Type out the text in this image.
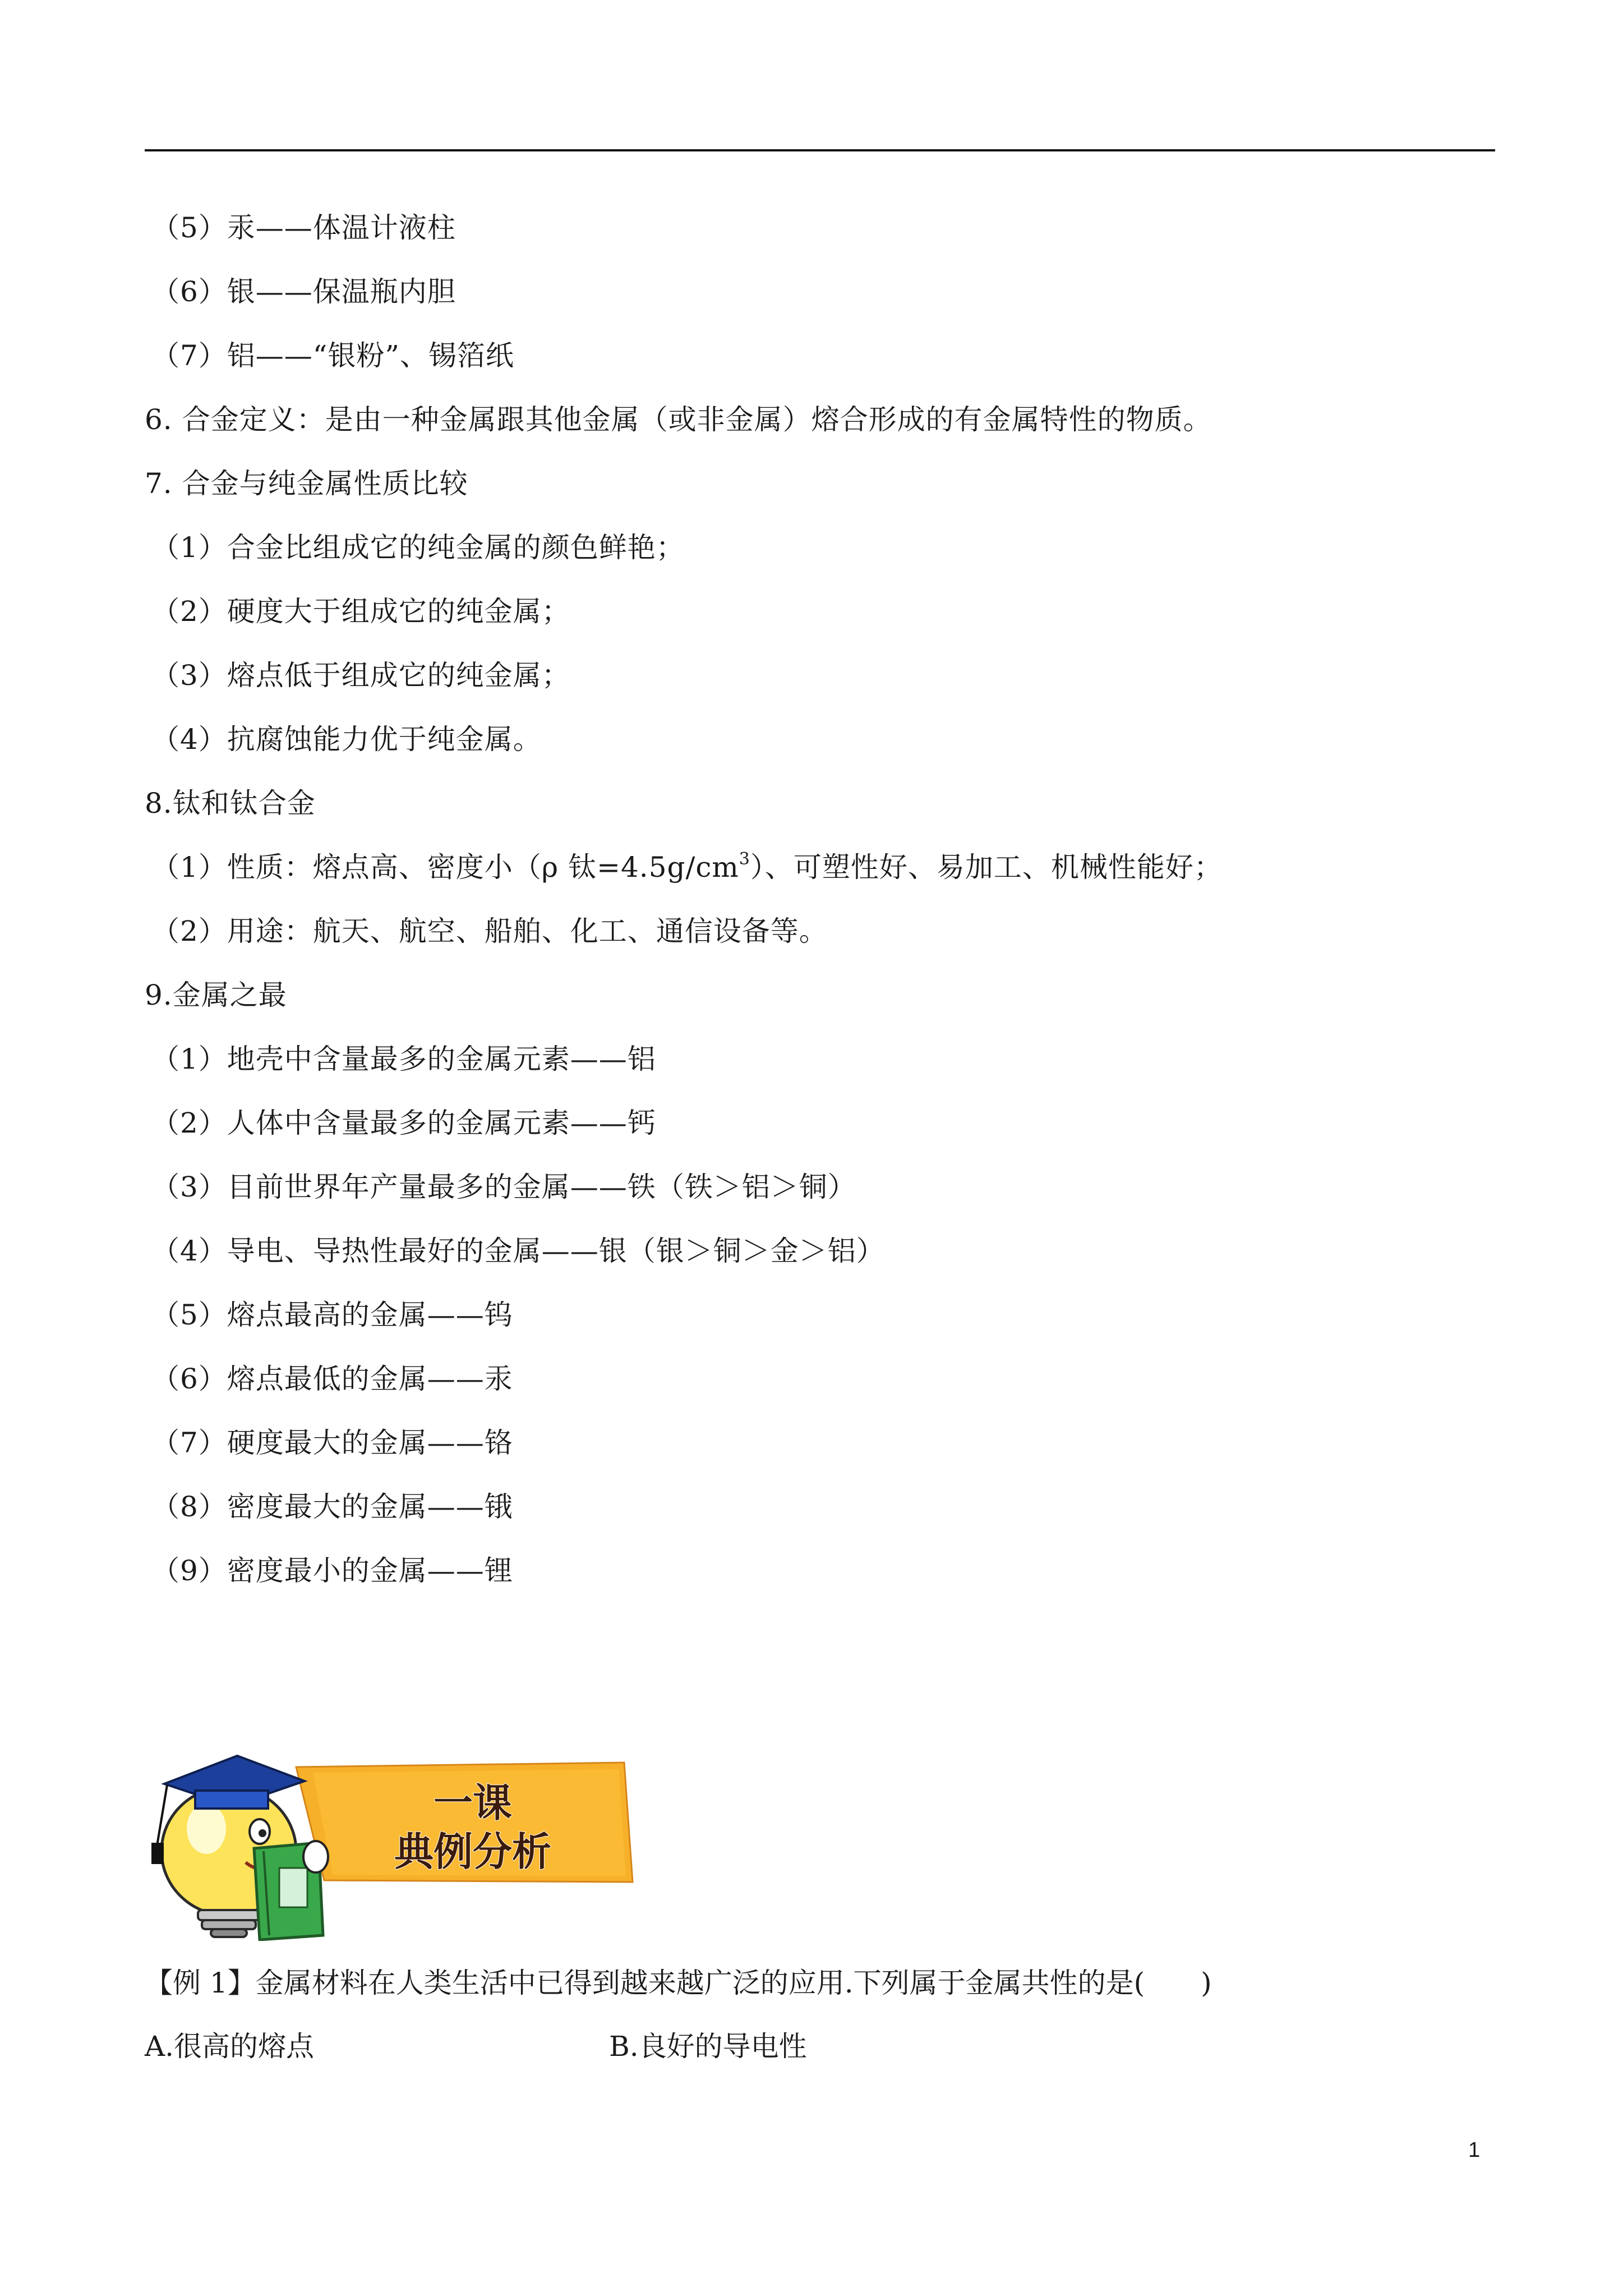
（5）汞——体温计液柱
（6）银——保温瓶内胆
（7）铝——“银粉”、锡箔纸
6. 合金定义：是由一种金属跟其他金属（或非金属）熔合形成的有金属特性的物质。
7. 合金与纯金属性质比较
（1）合金比组成它的纯金属的颜色鲜艳；
（2）硬度大于组成它的纯金属；
（3）熔点低于组成它的纯金属；
（4）抗腐蚀能力优于纯金属。
8.钛和钛合金
（1）性质：熔点高、密度小（ρ 钛$=4.5g/cm^3$）、可塑性好、易加工、机械性能好；
（2）用途：航天、航空、船舶、化工、通信设备等。
9.金属之最
（1）地壳中含量最多的金属元素——铝
（2）人体中含量最多的金属元素——钙
（3）目前世界年产量最多的金属——铁（铁＞铝＞铜）
（4）导电、导热性最好的金属——银（银＞铜＞金＞铝）
（5）熔点最高的金属——钨
（6）熔点最低的金属——汞
（7）硬度最大的金属——铬
（8）密度最大的金属——锇
（9）密度最小的金属——锂
一课
典例分析
【例 1】金属材料在人类生活中已得到越来越广泛的应用.下列属于金属共性的是(　　)
A.很高的熔点	B.良好的导电性
1
